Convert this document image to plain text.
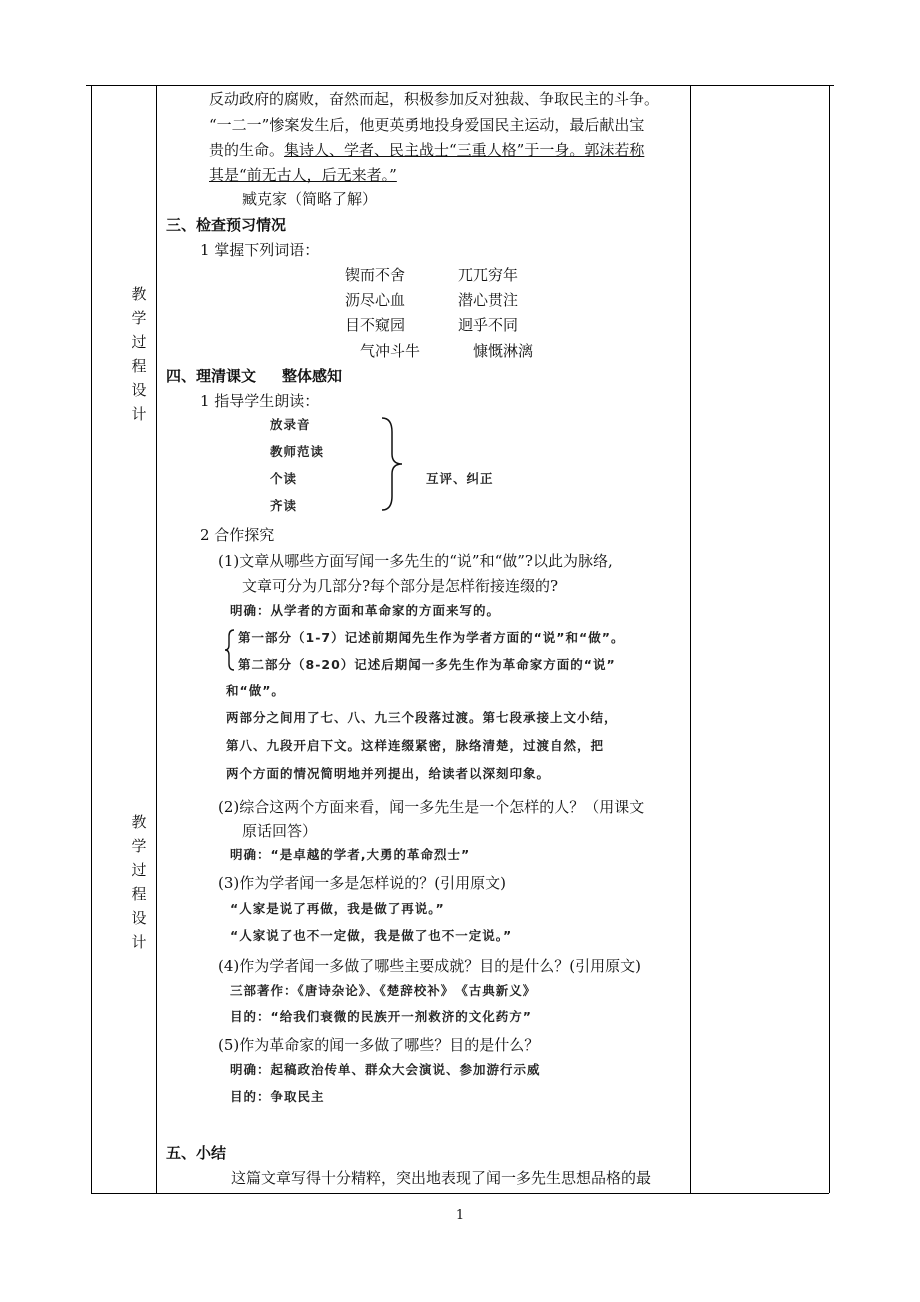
教
学
过
程
设
计
教
学
过
程
设
计
反动政府的腐败，奋然而起，积极参加反对独裁、争取民主的斗争。
“一二一”惨案发生后，他更英勇地投身爱国民主运动，最后献出宝
贵的生命。集诗人、学者、民主战士“三重人格”于一身。郭沫若称
其是“前无古人，后无来者。”
臧克家（简略了解）
三、检查预习情况
1 掌握下列词语：
锲而不舍	兀兀穷年
沥尽心血	潜心贯注
目不窥园	迥乎不同
气冲斗牛	慷慨淋漓
四、理清课文 整体感知
1 指导学生朗读：
放录音
教师范读
个读
齐读
互评、纠正
2 合作探究
(1)文章从哪些方面写闻一多先生的“说”和“做”?以此为脉络,
文章可分为几部分?每个部分是怎样衔接连缀的?
明确：从学者的方面和革命家的方面来写的。
第一部分（1-7）记述前期闻先生作为学者方面的“说”和“做”。
第二部分（8-20）记述后期闻一多先生作为革命家方面的“说”
和“做”。
两部分之间用了七、八、九三个段落过渡。第七段承接上文小结，
第八、九段开启下文。这样连缀紧密，脉络清楚，过渡自然，把
两个方面的情况简明地并列提出，给读者以深刻印象。
(2)综合这两个方面来看，闻一多先生是一个怎样的人？（用课文
原话回答）
明确：“是卓越的学者,大勇的革命烈士”
(3)作为学者闻一多是怎样说的？(引用原文)
“人家是说了再做，我是做了再说。”
“人家说了也不一定做，我是做了也不一定说。”
(4)作为学者闻一多做了哪些主要成就？目的是什么？(引用原文)
三部著作：《唐诗杂论》、《楚辞校补》　《古典新义》
目的：“给我们衰微的民族开一剂救济的文化药方”
(5)作为革命家的闻一多做了哪些？目的是什么？
明确：起稿政治传单、群众大会演说、参加游行示威
目的：争取民主
五、小结
这篇文章写得十分精粹，突出地表现了闻一多先生思想品格的最
1
